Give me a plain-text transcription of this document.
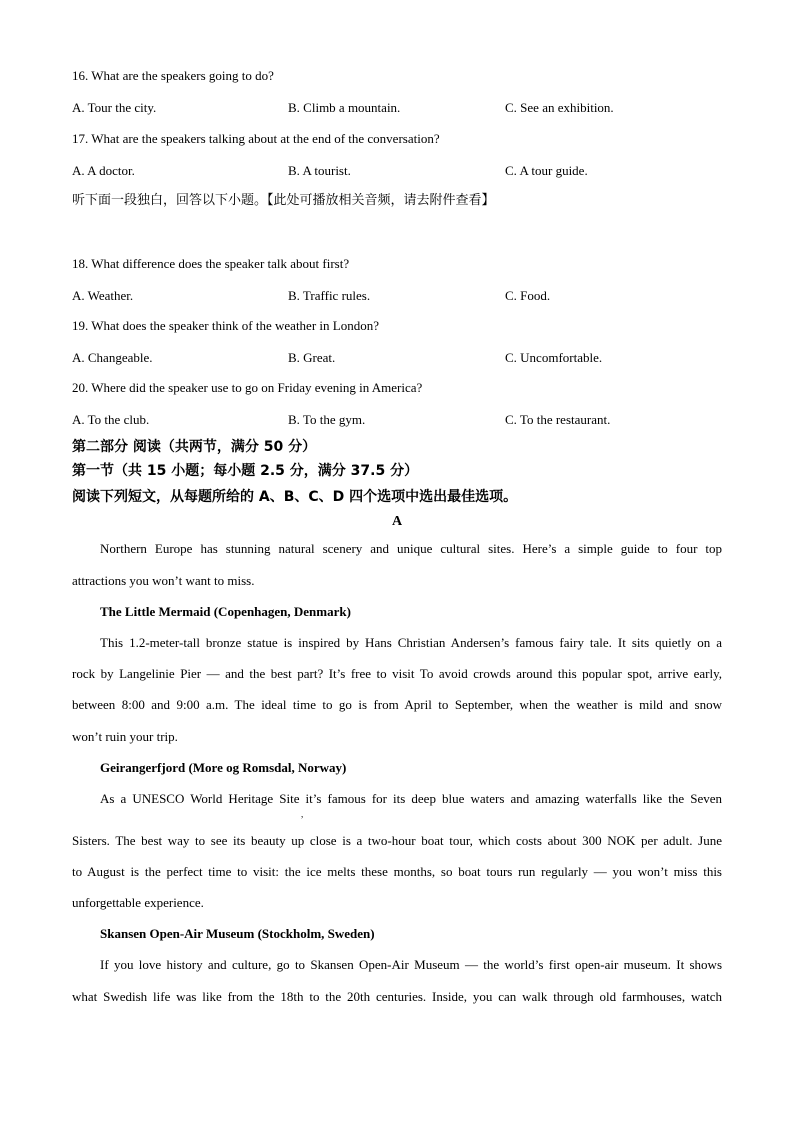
16. What are the speakers going to do?
A. Tour the city.	B. Climb a mountain.	C. See an exhibition.
17. What are the speakers talking about at the end of the conversation?
A. A doctor.	B. A tourist.	C. A tour guide.
听下面一段独白，回答以下小题。【此处可播放相关音频，请去附件查看】
18. What difference does the speaker talk about first?
A. Weather.	B. Traffic rules.	C. Food.
19. What does the speaker think of the weather in London?
A. Changeable.	B. Great.	C. Uncomfortable.
20. Where did the speaker use to go on Friday evening in America?
A. To the club.	B. To the gym.	C. To the restaurant.
第二部分 阅读（共两节，满分 50 分）
第一节（共 15 小题；每小题 2.5 分，满分 37.5 分）
阅读下列短文，从每题所给的 A、B、C、D 四个选项中选出最佳选项。
A
Northern Europe has stunning natural scenery and unique cultural sites. Here’s a simple guide to four top
attractions you won’t want to miss.
The Little Mermaid (Copenhagen, Denmark)
This 1.2-meter-tall bronze statue is inspired by Hans Christian Andersen’s famous fairy tale. It sits quietly on a
rock by Langelinie Pier — and the best part? It’s free to visit To avoid crowds around this popular spot, arrive early,
between 8:00 and 9:00 a.m. The ideal time to go is from April to September, when the weather is mild and snow
won’t ruin your trip.
Geirangerfjord (More og Romsdal, Norway)
As a UNESCO World Heritage Site it’s famous for its deep blue waters and amazing waterfalls like the Seven
,
Sisters. The best way to see its beauty up close is a two-hour boat tour, which costs about 300 NOK per adult. June
to August is the perfect time to visit: the ice melts these months, so boat tours run regularly — you won’t miss this
unforgettable experience.
Skansen Open-Air Museum (Stockholm, Sweden)
If you love history and culture, go to Skansen Open-Air Museum — the world’s first open-air museum. It shows
what Swedish life was like from the 18th to the 20th centuries. Inside, you can walk through old farmhouses, watch
